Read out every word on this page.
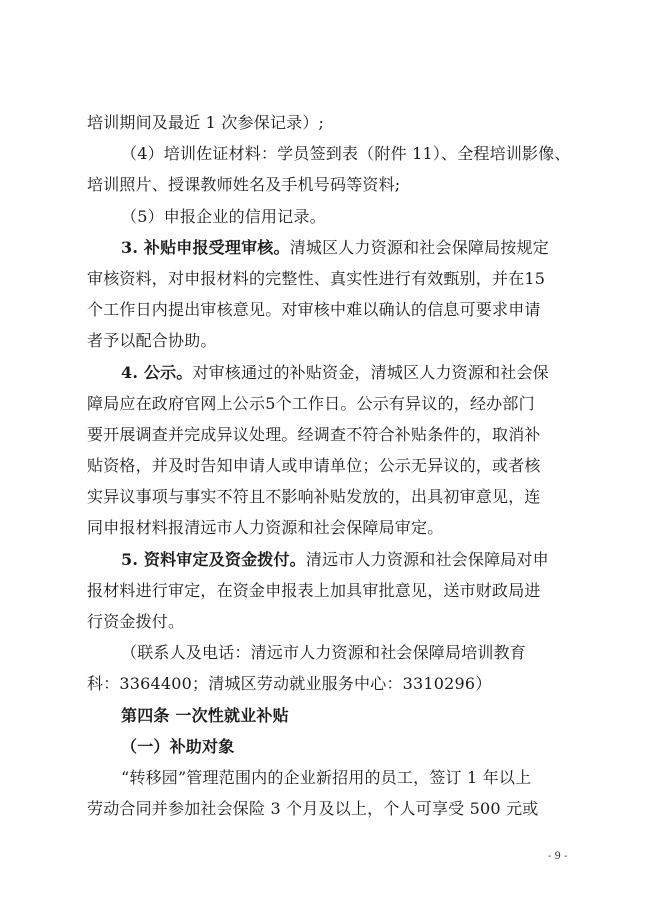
培训期间及最近 1 次参保记录）;
（4）培训佐证材料：学员签到表（附件 11）、全程培训影像、
培训照片、授课教师姓名及手机号码等资料;
（5）申报企业的信用记录。
3. 补贴申报受理审核。清城区人力资源和社会保障局按规定
审核资料，对申报材料的完整性、真实性进行有效甄别，并在15
个工作日内提出审核意见。对审核中难以确认的信息可要求申请
者予以配合协助。
4. 公示。对审核通过的补贴资金，清城区人力资源和社会保
障局应在政府官网上公示5个工作日。公示有异议的，经办部门
要开展调查并完成异议处理。经调查不符合补贴条件的，取消补
贴资格，并及时告知申请人或申请单位；公示无异议的，或者核
实异议事项与事实不符且不影响补贴发放的，出具初审意见，连
同申报材料报清远市人力资源和社会保障局审定。
5. 资料审定及资金拨付。清远市人力资源和社会保障局对申
报材料进行审定，在资金申报表上加具审批意见，送市财政局进
行资金拨付。
（联系人及电话：清远市人力资源和社会保障局培训教育
科：3364400；清城区劳动就业服务中心：3310296）
第四条 一次性就业补贴
（一）补助对象
“转移园”管理范围内的企业新招用的员工，签订 1 年以上
劳动合同并参加社会保险 3 个月及以上，个人可享受 500 元或
- 9 -
